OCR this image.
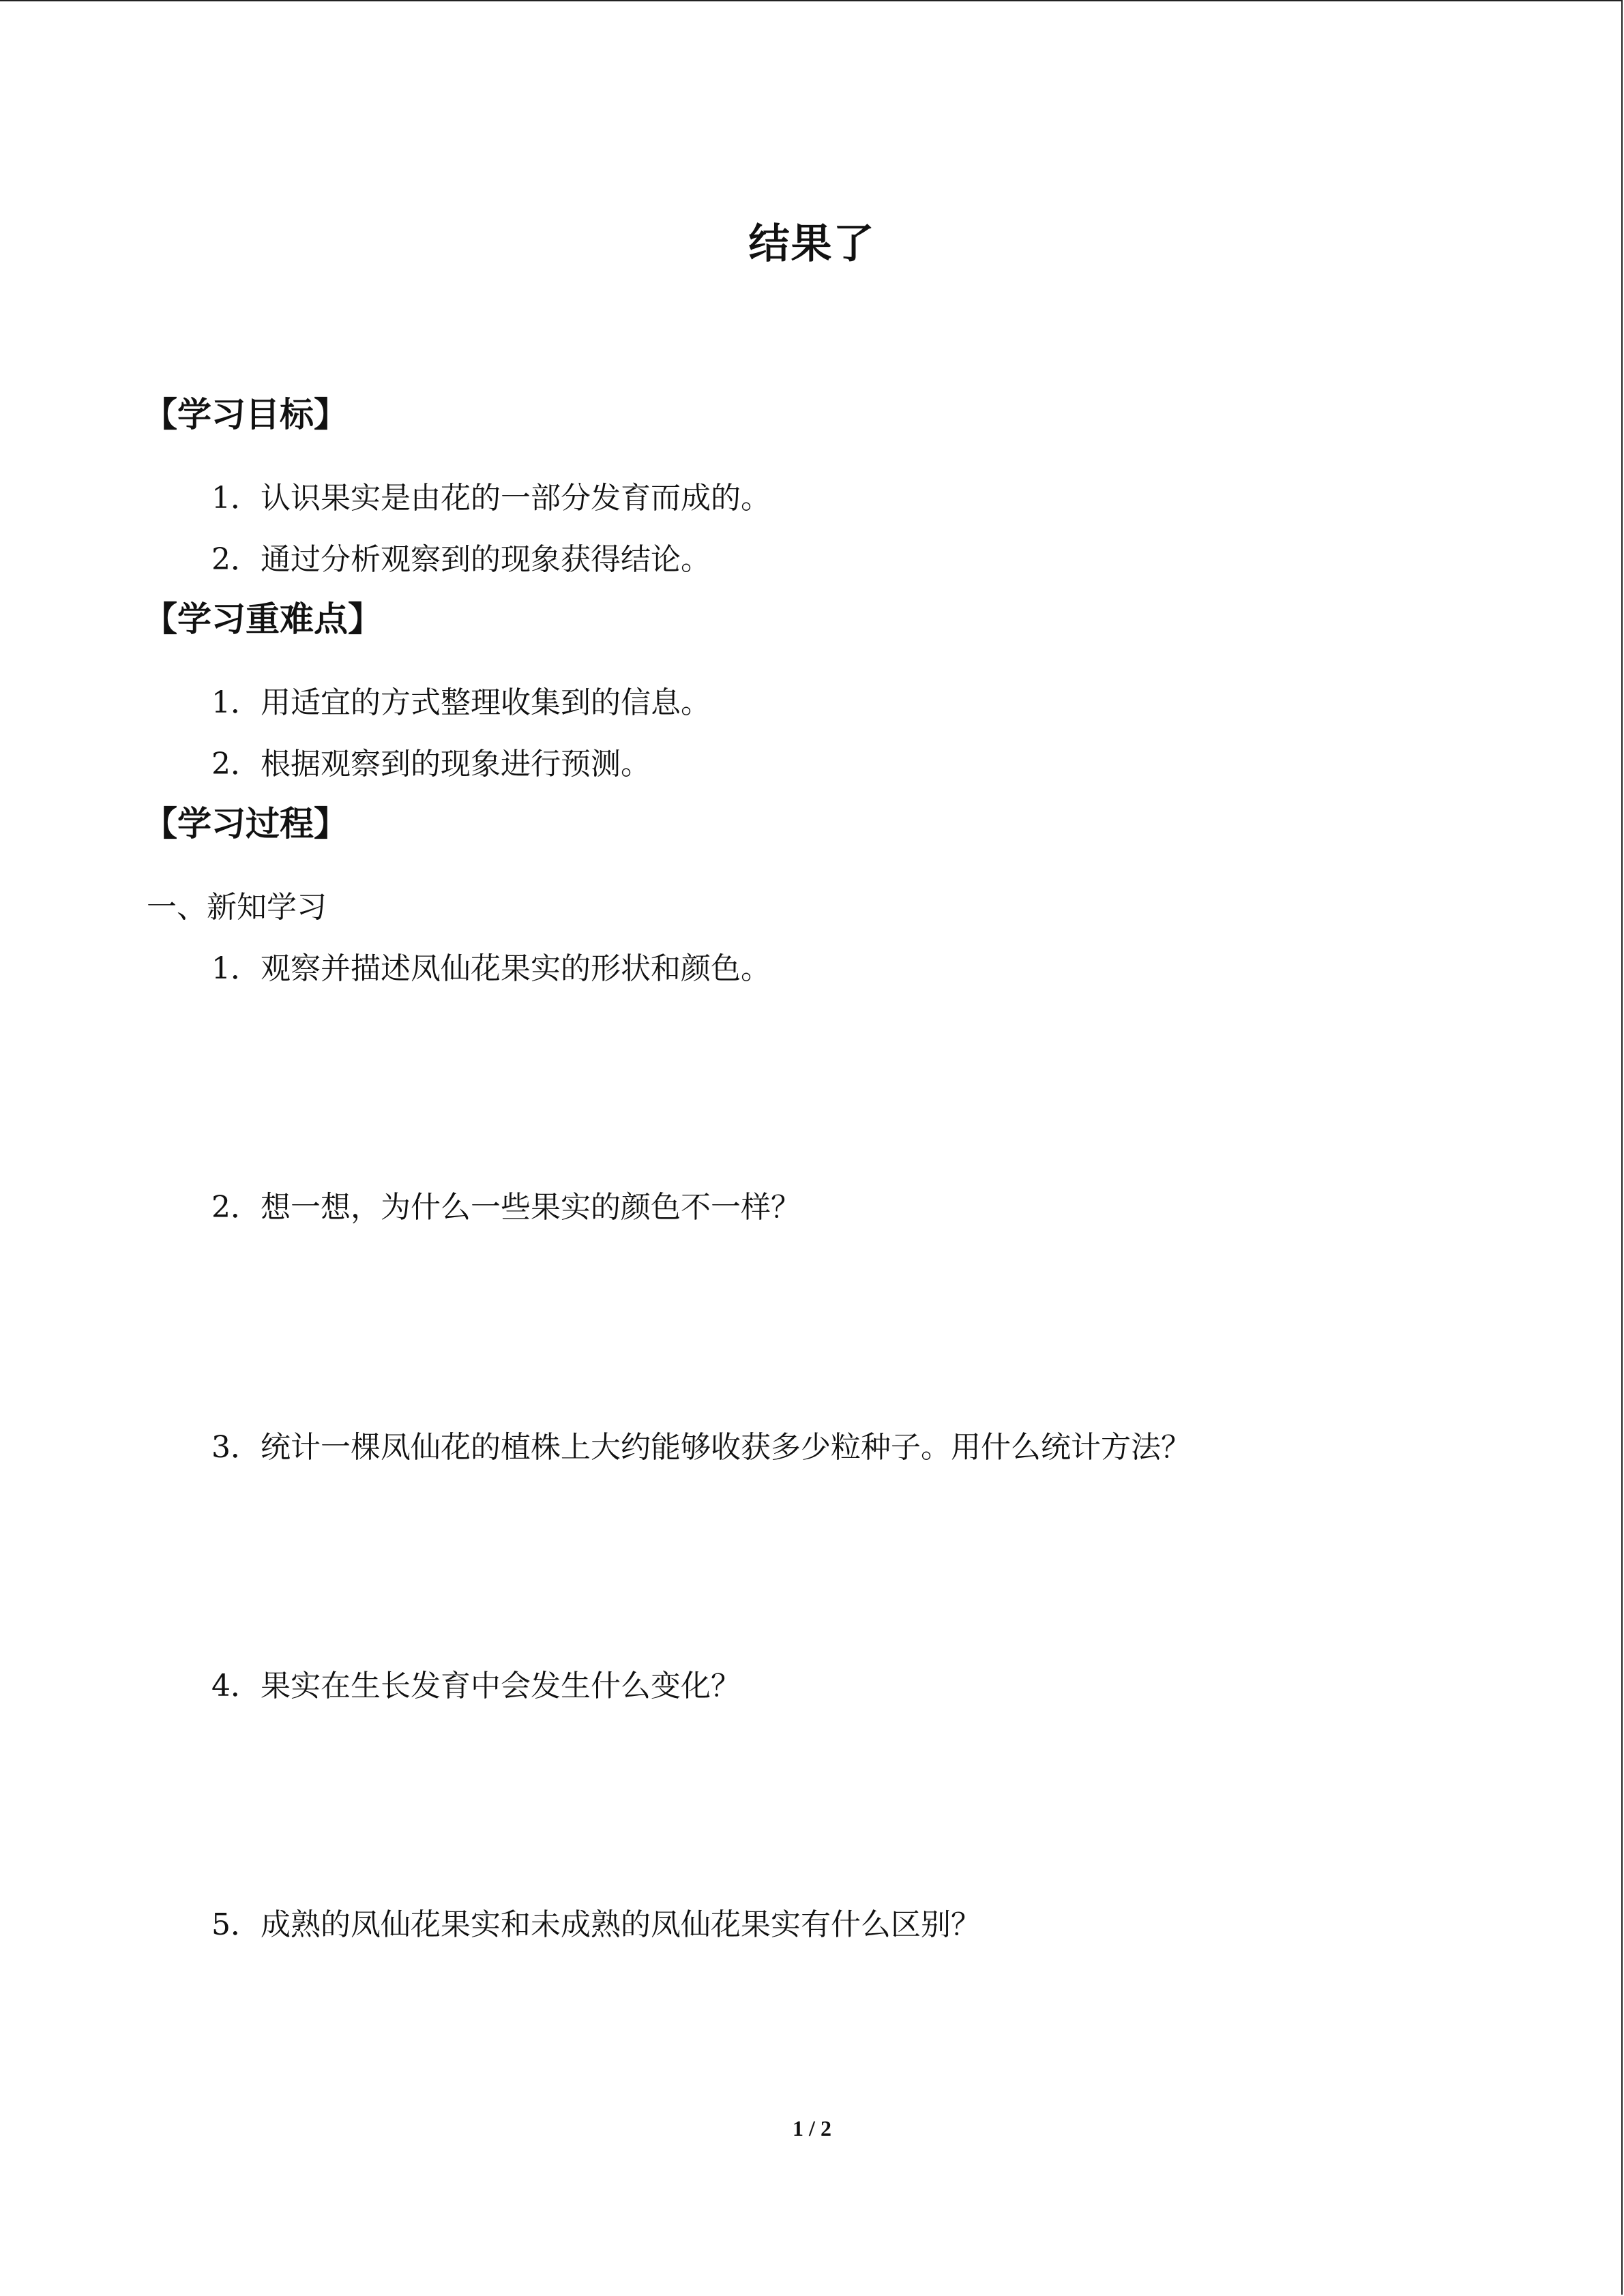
结果了
【学习目标】
1．认识果实是由花的一部分发育而成的。
2．通过分析观察到的现象获得结论。
【学习重难点】
1．用适宜的方式整理收集到的信息。
2．根据观察到的现象进行预测。
【学习过程】
一、新知学习
1．观察并描述凤仙花果实的形状和颜色。
2．想一想，为什么一些果实的颜色不一样？
3．统计一棵凤仙花的植株上大约能够收获多少粒种子。用什么统计方法？
4．果实在生长发育中会发生什么变化？
5．成熟的凤仙花果实和未成熟的凤仙花果实有什么区别？
1 / 2
